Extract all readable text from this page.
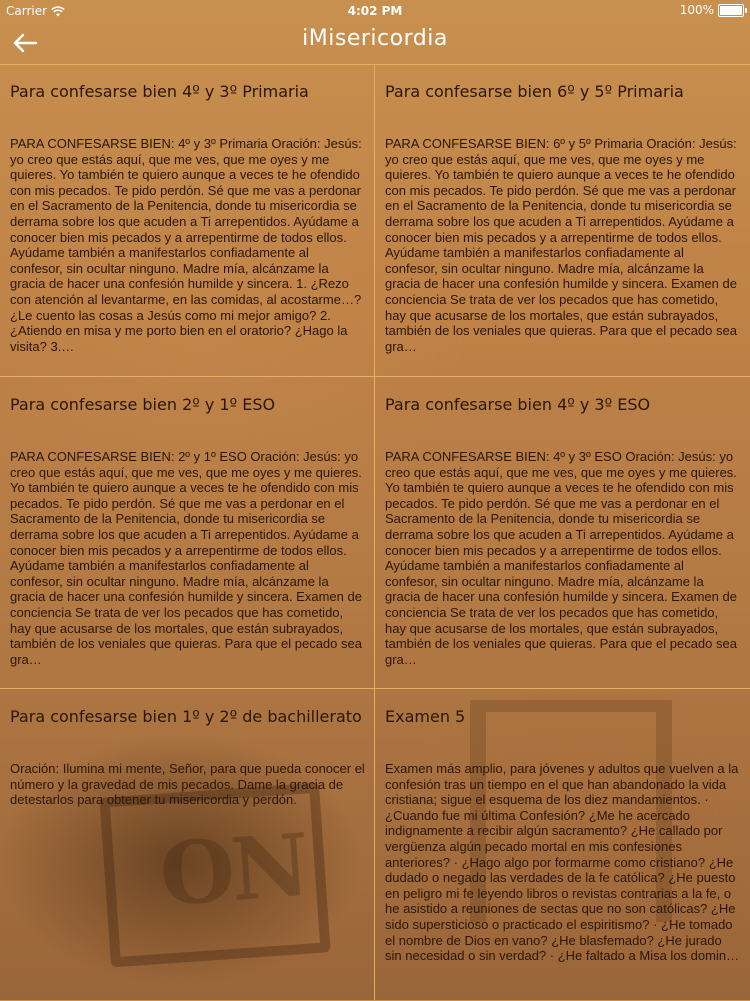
ON
Carrier	4:02 PM	100%
iMisericordia
Para confesarse bien 4º y 3º Primaria
PARA CONFESARSE BIEN: 4º y 3º Primaria Oración: Jesús: yo creo que estás aquí, que me ves, que me oyes y me quieres. Yo también te quiero aunque a veces te he ofendido con mis pecados. Te pido perdón. Sé que me vas a perdonar en el Sacramento de la Penitencia, donde tu misericordia se derrama sobre los que acuden a Ti arrepentidos. Ayúdame a conocer bien mis pecados y a arrepentirme de todos ellos. Ayúdame también a manifestarlos confiadamente al confesor, sin ocultar ninguno. Madre mía, alcánzame la gracia de hacer una confesión humilde y sincera. 1. ¿Rezo con atención al levantarme, en las comidas, al acostarme…? ¿Le cuento las cosas a Jesús como mi mejor amigo? 2. ¿Atiendo en misa y me porto bien en el oratorio? ¿Hago la visita? 3.…
Para confesarse bien 6º y 5º Primaria
PARA CONFESARSE BIEN: 6º y 5º Primaria Oración: Jesús: yo creo que estás aquí, que me ves, que me oyes y me quieres. Yo también te quiero aunque a veces te he ofendido con mis pecados. Te pido perdón. Sé que me vas a perdonar en el Sacramento de la Penitencia, donde tu misericordia se derrama sobre los que acuden a Ti arrepentidos. Ayúdame a conocer bien mis pecados y a arrepentirme de todos ellos. Ayúdame también a manifestarlos confiadamente al confesor, sin ocultar ninguno. Madre mía, alcánzame la gracia de hacer una confesión humilde y sincera. Examen de conciencia Se trata de ver los pecados que has cometido, hay que acusarse de los mortales, que están subrayados, también de los veniales que quieras. Para que el pecado sea gra…
Para confesarse bien 2º y 1º ESO
PARA CONFESARSE BIEN: 2º y 1º ESO Oración: Jesús: yo creo que estás aquí, que me ves, que me oyes y me quieres. Yo también te quiero aunque a veces te he ofendido con mis pecados. Te pido perdón. Sé que me vas a perdonar en el Sacramento de la Penitencia, donde tu misericordia se derrama sobre los que acuden a Ti arrepentidos. Ayúdame a conocer bien mis pecados y a arrepentirme de todos ellos. Ayúdame también a manifestarlos confiadamente al confesor, sin ocultar ninguno. Madre mía, alcánzame la gracia de hacer una confesión humilde y sincera. Examen de conciencia Se trata de ver los pecados que has cometido, hay que acusarse de los mortales, que están subrayados, también de los veniales que quieras. Para que el pecado sea gra…
Para confesarse bien 4º y 3º ESO
PARA CONFESARSE BIEN: 4º y 3º ESO Oración: Jesús: yo creo que estás aquí, que me ves, que me oyes y me quieres. Yo también te quiero aunque a veces te he ofendido con mis pecados. Te pido perdón. Sé que me vas a perdonar en el Sacramento de la Penitencia, donde tu misericordia se derrama sobre los que acuden a Ti arrepentidos. Ayúdame a conocer bien mis pecados y a arrepentirme de todos ellos. Ayúdame también a manifestarlos confiadamente al confesor, sin ocultar ninguno. Madre mía, alcánzame la gracia de hacer una confesión humilde y sincera. Examen de conciencia Se trata de ver los pecados que has cometido, hay que acusarse de los mortales, que están subrayados, también de los veniales que quieras. Para que el pecado sea gra…
Para confesarse bien 1º y 2º de bachillerato
Oración: Ilumina mi mente, Señor, para que pueda conocer el número y la gravedad de mis pecados. Dame la gracia de detestarlos para obtener tu misericordia y perdón.
Examen 5
Examen más amplio, para jóvenes y adultos que vuelven a la confesión tras un tiempo en el que han abandonado la vida cristiana; sigue el esquema de los diez mandamientos. · ¿Cuando fue mi última Confesión? ¿Me he acercado indignamente a recibir algún sacramento? ¿He callado por vergüenza algún pecado mortal en mis confesiones anteriores? · ¿Hago algo por formarme como cristiano? ¿He dudado o negado las verdades de la fe católica? ¿He puesto en peligro mi fe leyendo libros o revistas contrarias a la fe, o he asistido a reuniones de sectas que no son católicas? ¿He sido supersticioso o practicado el espiritismo? · ¿He tomado el nombre de Dios en vano? ¿He blasfemado? ¿He jurado sin necesidad o sin verdad? · ¿He faltado a Misa los domin…
